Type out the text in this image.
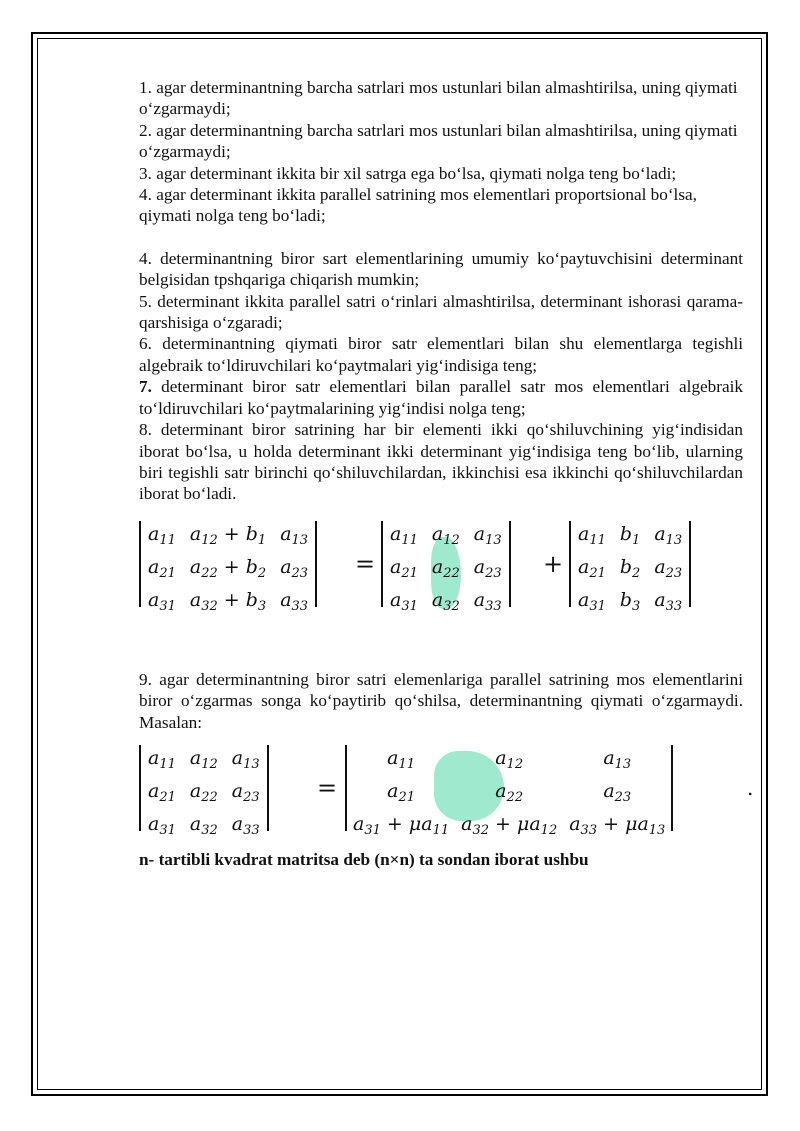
1. agar determinantning barcha satrlari mos ustunlari bilan almashtirilsa, uning qiymati o‘zgarmaydi;

2. agar determinantning barcha satrlari mos ustunlari bilan almashtirilsa, uning qiymati o‘zgarmaydi;

3. agar determinant ikkita bir xil satrga ega bo‘lsa, qiymati nolga teng bo‘ladi;

4. agar determinant ikkita parallel satrining mos elementlari proportsional bo‘lsa, qiymati nolga teng bo‘ladi;

4. determinantning biror sart elementlarining umumiy ko‘paytuvchisini determinant belgisidan tpshqariga chiqarish mumkin;

5. determinant ikkita parallel satri o‘rinlari almashtirilsa, determinant ishorasi qarama-qarshisiga o‘zgaradi;

6. determinantning qiymati biror satr elementlari bilan shu elementlarga tegishli algebraik to‘ldiruvchilari ko‘paytmalari yig‘indisiga teng;

7. determinant biror satr elementlari bilan parallel satr mos elementlari algebraik to‘ldiruvchilari ko‘paytmalarining yig‘indisi nolga teng;

8. determinant biror satrining har bir elementi ikki qo‘shiluvchining yig‘indisidan iborat bo‘lsa, u holda determinant ikki determinant yig‘indisiga teng bo‘lib, ularning biri tegishli satr birinchi qo‘shiluvchilardan, ikkinchisi esa ikkinchi qo‘shiluvchilardan iborat bo‘ladi.

$a_{11}$	$a_{12} + b_1$	$a_{13}$
$a_{21}$	$a_{22} + b_2$	$a_{23}$
$a_{31}$	$a_{32} + b_3$	$a_{33}$
=
$a_{11}$	$a_{12}$	$a_{13}$
$a_{21}$	$a_{22}$	$a_{23}$
$a_{31}$	$a_{32}$	$a_{33}$
+
$a_{11}$	$b_1$	$a_{13}$
$a_{21}$	$b_2$	$a_{23}$
$a_{31}$	$b_3$	$a_{33}$

9. agar determinantning biror satri elemenlariga parallel satrining mos elementlarini biror o‘zgarmas songa ko‘paytirib qo‘shilsa, determinantning qiymati o‘zgarmaydi. Masalan:

$a_{11}$	$a_{12}$	$a_{13}$
$a_{21}$	$a_{22}$	$a_{23}$
$a_{31}$	$a_{32}$	$a_{33}$
=
$a_{11}$	$a_{12}$	$a_{13}$
$a_{21}$	$a_{22}$	$a_{23}$
$a_{31} + \mu a_{11}$	$a_{32} + \mu a_{12}$	$a_{33} + \mu a_{13}$
.

n- tartibli kvadrat matritsa deb (n×n) ta sondan iborat ushbu
